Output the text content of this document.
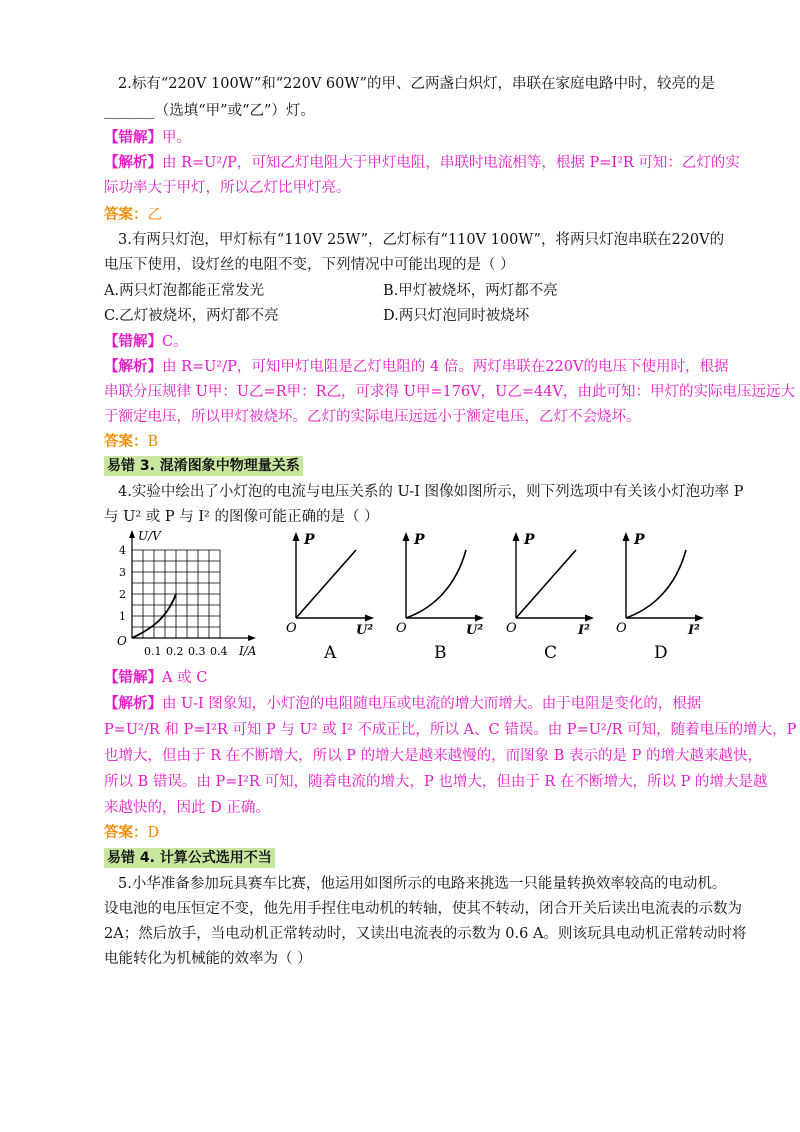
2.标有“220V 100W”和“220V 60W”的甲、乙两盏白炽灯，串联在家庭电路中时，较亮的是
_______（选填“甲”或“乙”）灯。
【错解】甲。
【解析】由 R=U²/P，可知乙灯电阻大于甲灯电阻，串联时电流相等，根据 P=I²R 可知：乙灯的实
际功率大于甲灯，所以乙灯比甲灯亮。
答案：乙
3.有两只灯泡，甲灯标有“110V 25W”，乙灯标有“110V 100W”，将两只灯泡串联在220V的
电压下使用，设灯丝的电阻不变，下列情况中可能出现的是（ ）
A.两只灯泡都能正常发光	B.甲灯被烧坏，两灯都不亮
C.乙灯被烧坏，两灯都不亮	D.两只灯泡同时被烧坏
【错解】C。
【解析】由 R=U²/P，可知甲灯电阻是乙灯电阻的 4 倍。两灯串联在220V的电压下使用时，根据
串联分压规律 U甲：U乙=R甲：R乙，可求得 U甲=176V，U乙=44V，由此可知：甲灯的实际电压远远大
于额定电压，所以甲灯被烧坏。乙灯的实际电压远远小于额定电压，乙灯不会烧坏。
答案：B
易错 3. 混淆图象中物理量关系
4.实验中绘出了小灯泡的电流与电压关系的 U-I 图像如图所示，则下列选项中有关该小灯泡功率 P
与 U² 或 P 与 I² 的图像可能正确的是（ ）
U/V
4
3
2
1
O
0.1 0.2 0.3 0.4 I/A
P
O	U²
A
P
O	U²
B
P
O	I²
C
P
O	I²
D
【错解】A 或 C
【解析】由 U-I 图象知，小灯泡的电阻随电压或电流的增大而增大。由于电阻是变化的，根据
P=U²/R 和 P=I²R 可知 P 与 U² 或 I² 不成正比，所以 A、C 错误。由 P=U²/R 可知，随着电压的增大，P
也增大，但由于 R 在不断增大，所以 P 的增大是越来越慢的，而图象 B 表示的是 P 的增大越来越快，
所以 B 错误。由 P=I²R 可知，随着电流的增大，P 也增大，但由于 R 在不断增大，所以 P 的增大是越
来越快的，因此 D 正确。
答案：D
易错 4. 计算公式选用不当
5.小华准备参加玩具赛车比赛，他运用如图所示的电路来挑选一只能量转换效率较高的电动机。
设电池的电压恒定不变，他先用手捏住电动机的转轴，使其不转动，闭合开关后读出电流表的示数为
2A；然后放手，当电动机正常转动时，又读出电流表的示数为 0.6 A。则该玩具电动机正常转动时将
电能转化为机械能的效率为（ ）
